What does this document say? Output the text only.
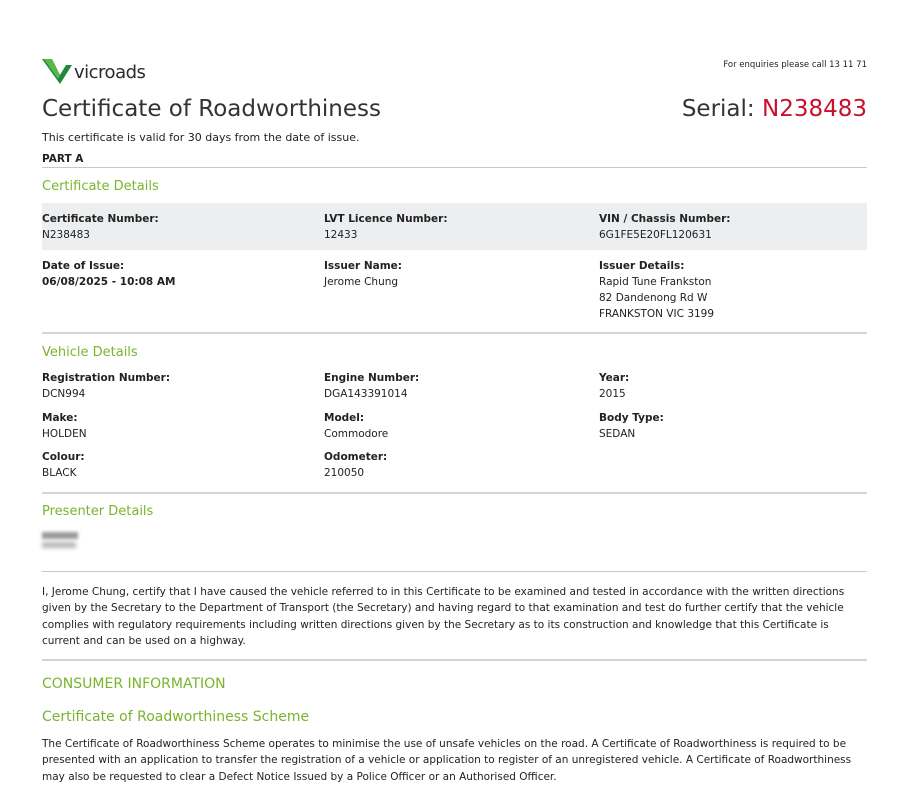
vicroads	For enquiries please call 13 11 71
Certificate of Roadworthiness	Serial: N238483
This certificate is valid for 30 days from the date of issue.
PART A
Certificate Details
Certificate Number:
N238483
LVT Licence Number:
12433
VIN / Chassis Number:
6G1FE5E20FL120631
Date of Issue:
06/08/2025 - 10:08 AM
Issuer Name:
Jerome Chung
Issuer Details:
Rapid Tune Frankston
82 Dandenong Rd W
FRANKSTON VIC 3199
Vehicle Details
Registration Number:
DCN994
Engine Number:
DGA143391014
Year:
2015
Make:
HOLDEN
Model:
Commodore
Body Type:
SEDAN
Colour:
BLACK
Odometer:
210050
Presenter Details

I, Jerome Chung, certify that I have caused the vehicle referred to in this Certificate to be examined and tested in accordance with the written directions given by the Secretary to the Department of Transport (the Secretary) and having regard to that examination and test do further certify that the vehicle complies with regulatory requirements including written directions given by the Secretary as to its construction and knowledge that this Certificate is current and can be used on a highway.

CONSUMER INFORMATION
Certificate of Roadworthiness Scheme

The Certificate of Roadworthiness Scheme operates to minimise the use of unsafe vehicles on the road. A Certificate of Roadworthiness is required to be presented with an application to transfer the registration of a vehicle or application to register of an unregistered vehicle. A Certificate of Roadworthiness may also be requested to clear a Defect Notice Issued by a Police Officer or an Authorised Officer.
